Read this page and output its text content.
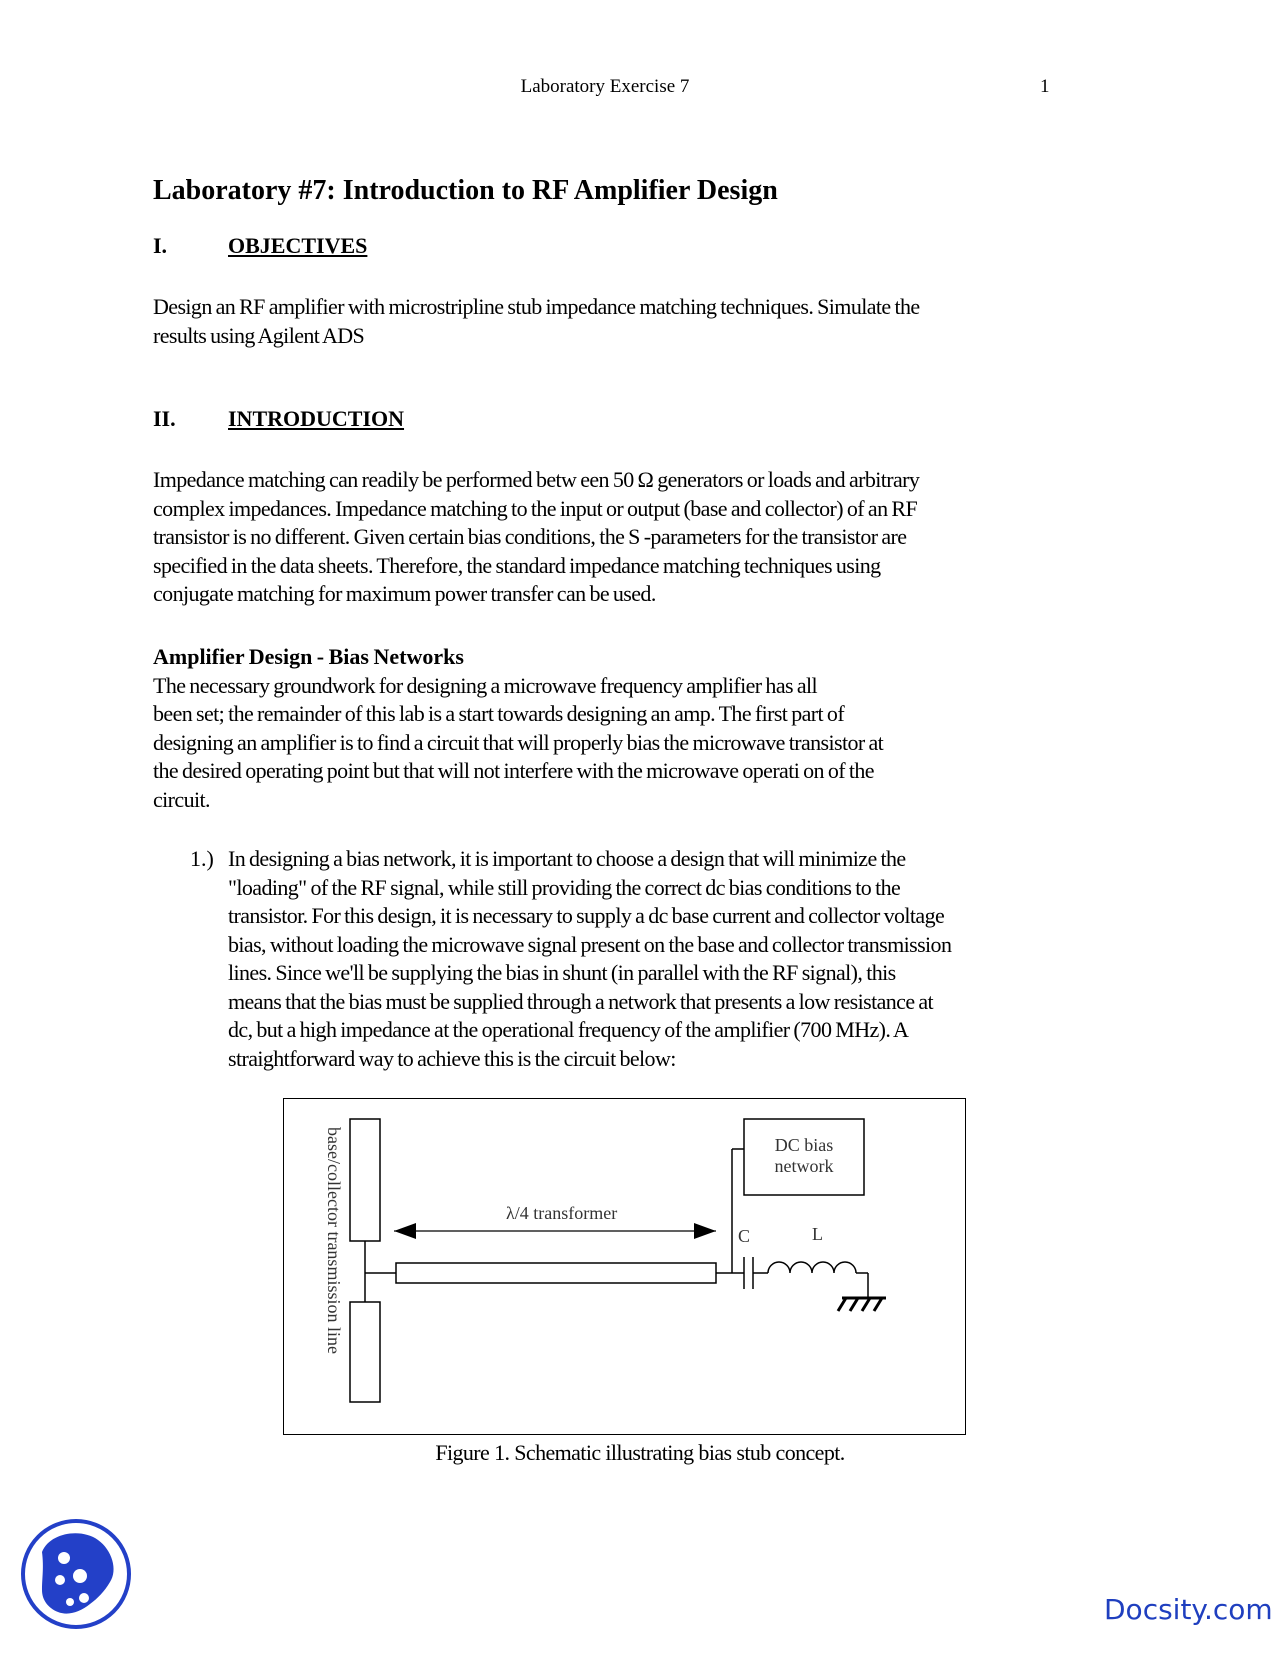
Laboratory Exercise 7	1
Laboratory #7: Introduction to RF Amplifier Design
I.	OBJECTIVES
Design an RF amplifier with microstripline stub impedance matching techniques. Simulate the
results using Agilent ADS
II. INTRODUCTION
Impedance matching can readily be performed betw een 50 Ω generators or loads and arbitrary
complex impedances. Impedance matching to the input or output (base and collector) of an RF
transistor is no different. Given certain bias conditions, the S -parameters for the transistor are
specified in the data sheets. Therefore, the standard impedance matching techniques using
conjugate matching for maximum power transfer can be used.
Amplifier Design - Bias Networks
The necessary groundwork for designing a microwave frequency amplifier has all
been set; the remainder of this lab is a start towards designing an amp. The first part of
designing an amplifier is to find a circuit that will properly bias the microwave transistor at
the desired operating point but that will not interfere with the microwave operati on of the
circuit.
1.) In designing a bias network, it is important to choose a design that will minimize the
"loading" of the RF signal, while still providing the correct dc bias conditions to the
transistor. For this design, it is necessary to supply a dc base current and collector voltage
bias, without loading the microwave signal present on the base and collector transmission
lines. Since we'll be supplying the bias in shunt (in parallel with the RF signal), this
means that the bias must be supplied through a network that presents a low resistance at
dc, but a high impedance at the operational frequency of the amplifier (700 MHz). A
straightforward way to achieve this is the circuit below:
base/collector transmission line	λ/4 transformer
DC bias
network
C	L
Figure 1. Schematic illustrating bias stub concept.
Docsity.com
